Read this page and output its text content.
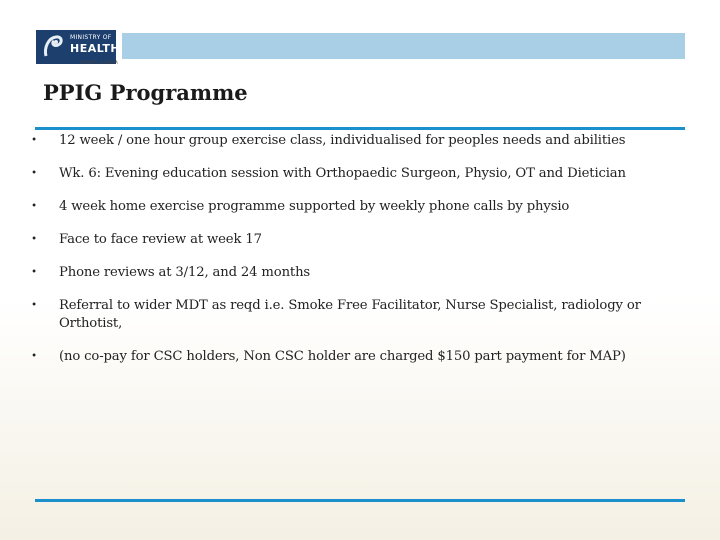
MINISTRY OF
HEALTH
MANATŪ HAUORA
PPIG Programme
• 12 week / one hour group exercise class, individualised for peoples needs and abilities
• Wk. 6: Evening education session with Orthopaedic Surgeon, Physio, OT and Dietician
• 4 week home exercise programme supported by weekly phone calls by physio
• Face to face review at week 17
• Phone reviews at 3/12, and 24 months
• Referral to wider MDT as reqd i.e. Smoke Free Facilitator, Nurse Specialist, radiology or Orthotist,
• (no co-pay for CSC holders, Non CSC holder are charged $150 part payment for MAP)
